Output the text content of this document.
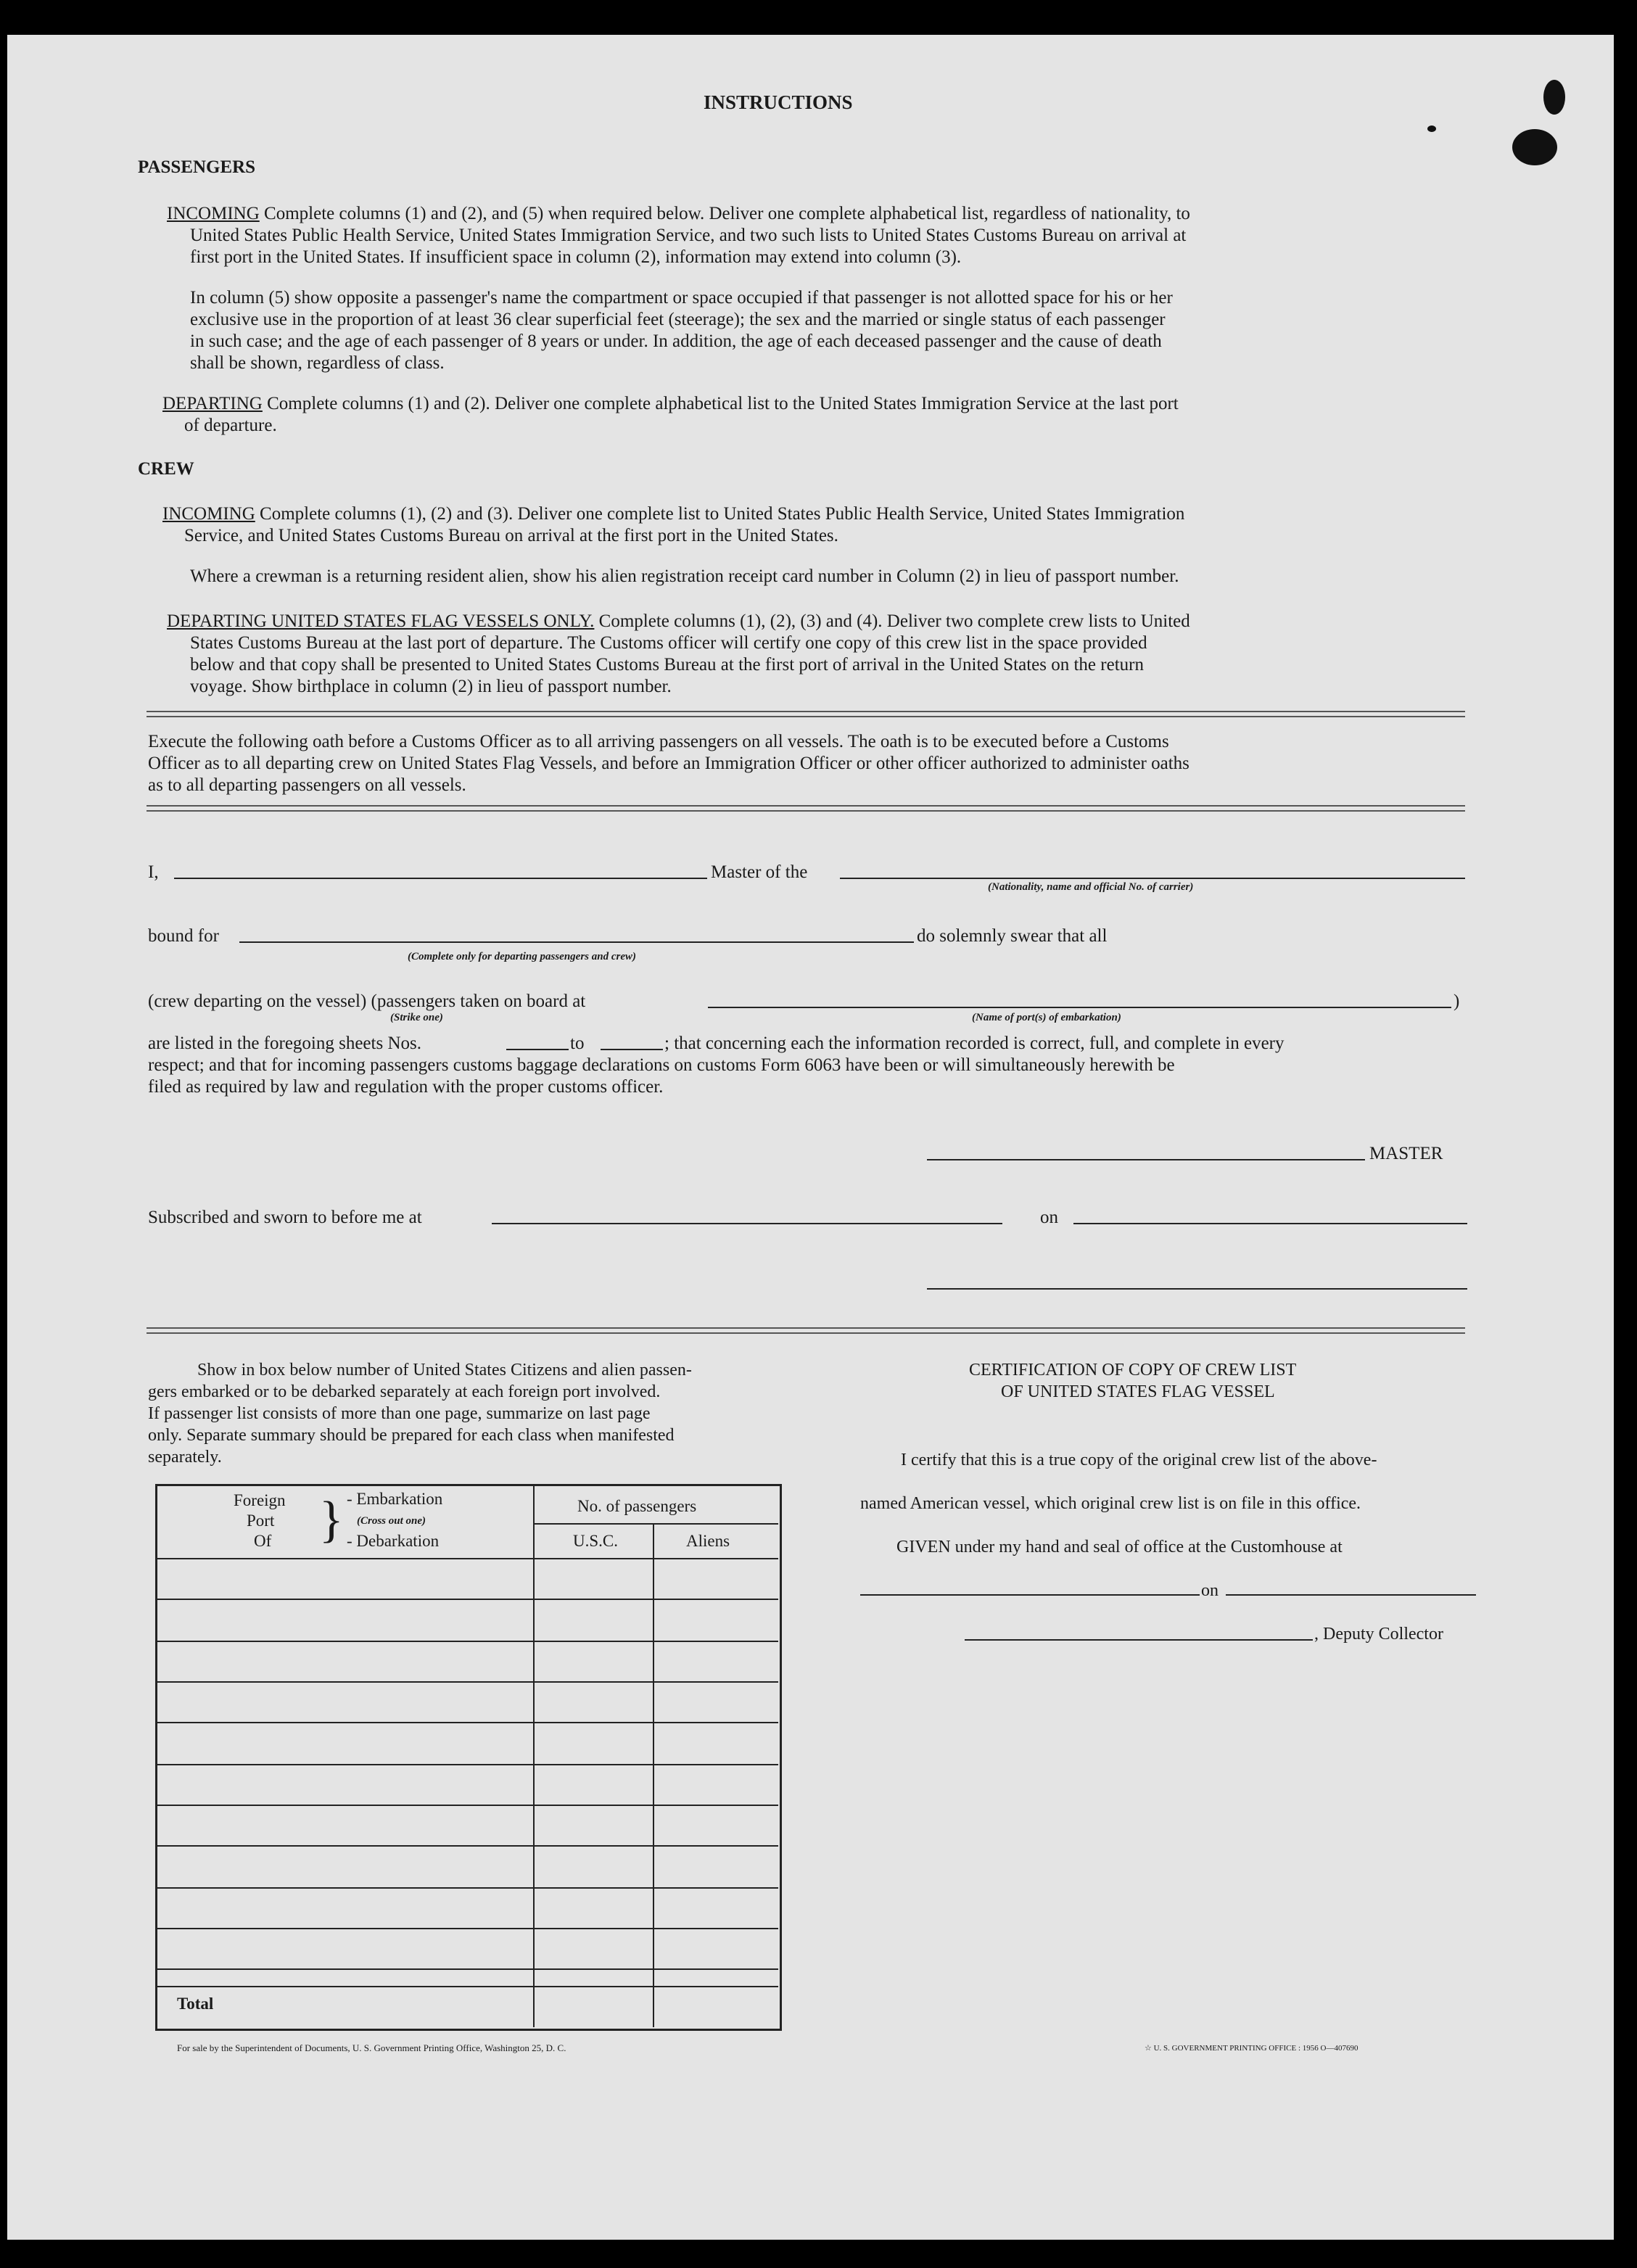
INSTRUCTIONS
PASSENGERS
INCOMING Complete columns (1) and (2), and (5) when required below. Deliver one complete alphabetical list, regardless of nationality, to
United States Public Health Service, United States Immigration Service, and two such lists to United States Customs Bureau on arrival at
first port in the United States. If insufficient space in column (2), information may extend into column (3).
In column (5) show opposite a passenger's name the compartment or space occupied if that passenger is not allotted space for his or her
exclusive use in the proportion of at least 36 clear superficial feet (steerage); the sex and the married or single status of each passenger
in such case; and the age of each passenger of 8 years or under. In addition, the age of each deceased passenger and the cause of death
shall be shown, regardless of class.
DEPARTING Complete columns (1) and (2). Deliver one complete alphabetical list to the United States Immigration Service at the last port
of departure.
CREW
INCOMING Complete columns (1), (2) and (3). Deliver one complete list to United States Public Health Service, United States Immigration
Service, and United States Customs Bureau on arrival at the first port in the United States.
Where a crewman is a returning resident alien, show his alien registration receipt card number in Column (2) in lieu of passport number.
DEPARTING UNITED STATES FLAG VESSELS ONLY. Complete columns (1), (2), (3) and (4). Deliver two complete crew lists to United
States Customs Bureau at the last port of departure. The Customs officer will certify one copy of this crew list in the space provided
below and that copy shall be presented to United States Customs Bureau at the first port of arrival in the United States on the return
voyage. Show birthplace in column (2) in lieu of passport number.
Execute the following oath before a Customs Officer as to all arriving passengers on all vessels. The oath is to be executed before a Customs
Officer as to all departing crew on United States Flag Vessels, and before an Immigration Officer or other officer authorized to administer oaths
as to all departing passengers on all vessels.
I,	Master of the
(Nationality, name and official No. of carrier)
bound for	do solemnly swear that all
(Complete only for departing passengers and crew)
(crew departing on the vessel) (passengers taken on board at	)
(Strike one)	(Name of port(s) of embarkation)
are listed in the foregoing sheets Nos.	to	; that concerning each the information recorded is correct, full, and complete in every
respect; and that for incoming passengers customs baggage declarations on customs Form 6063 have been or will simultaneously herewith be
filed as required by law and regulation with the proper customs officer.
MASTER
Subscribed and sworn to before me at	on
Show in box below number of United States Citizens and alien passen-
gers embarked or to be debarked separately at each foreign port involved.
If passenger list consists of more than one page, summarize on last page
only. Separate summary should be prepared for each class when manifested
separately.
Foreign
Port
Of } - Embarkation
(Cross out one)
- Debarkation
No. of passengers
U.S.C.	Aliens
Total
CERTIFICATION OF COPY OF CREW LIST
OF UNITED STATES FLAG VESSEL
I certify that this is a true copy of the original crew list of the above-
named American vessel, which original crew list is on file in this office.
GIVEN under my hand and seal of office at the Customhouse at
on
, Deputy Collector
For sale by the Superintendent of Documents, U. S. Government Printing Office, Washington 25, D. C.	☆ U. S. GOVERNMENT PRINTING OFFICE : 1956 O—407690
